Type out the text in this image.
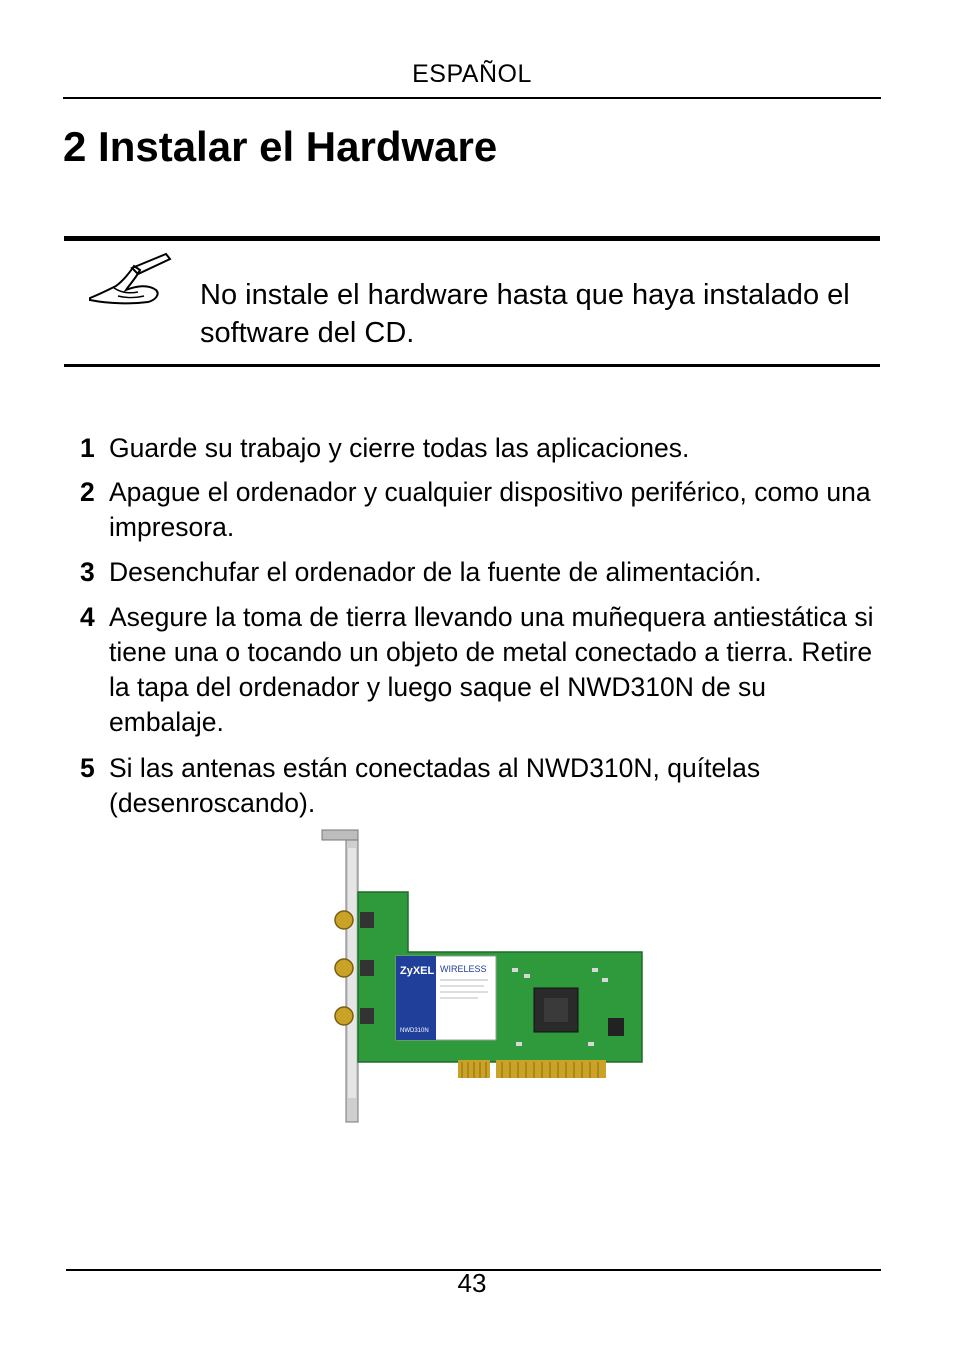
ESPAÑOL
2 Instalar el Hardware
No instale el hardware hasta que haya instalado el software del CD.
1 Guarde su trabajo y cierre todas las aplicaciones.
2 Apague el ordenador y cualquier dispositivo periférico, como una impresora.
3 Desenchufar el ordenador de la fuente de alimentación.
4 Asegure la toma de tierra llevando una muñequera antiestática si tiene una o tocando un objeto de metal conectado a tierra. Retire la tapa del ordenador y luego saque el NWD310N de su embalaje.
5 Si las antenas están conectadas al NWD310N, quítelas (desenroscando).
ZyXEL WIRELESS
NWD310N
43
